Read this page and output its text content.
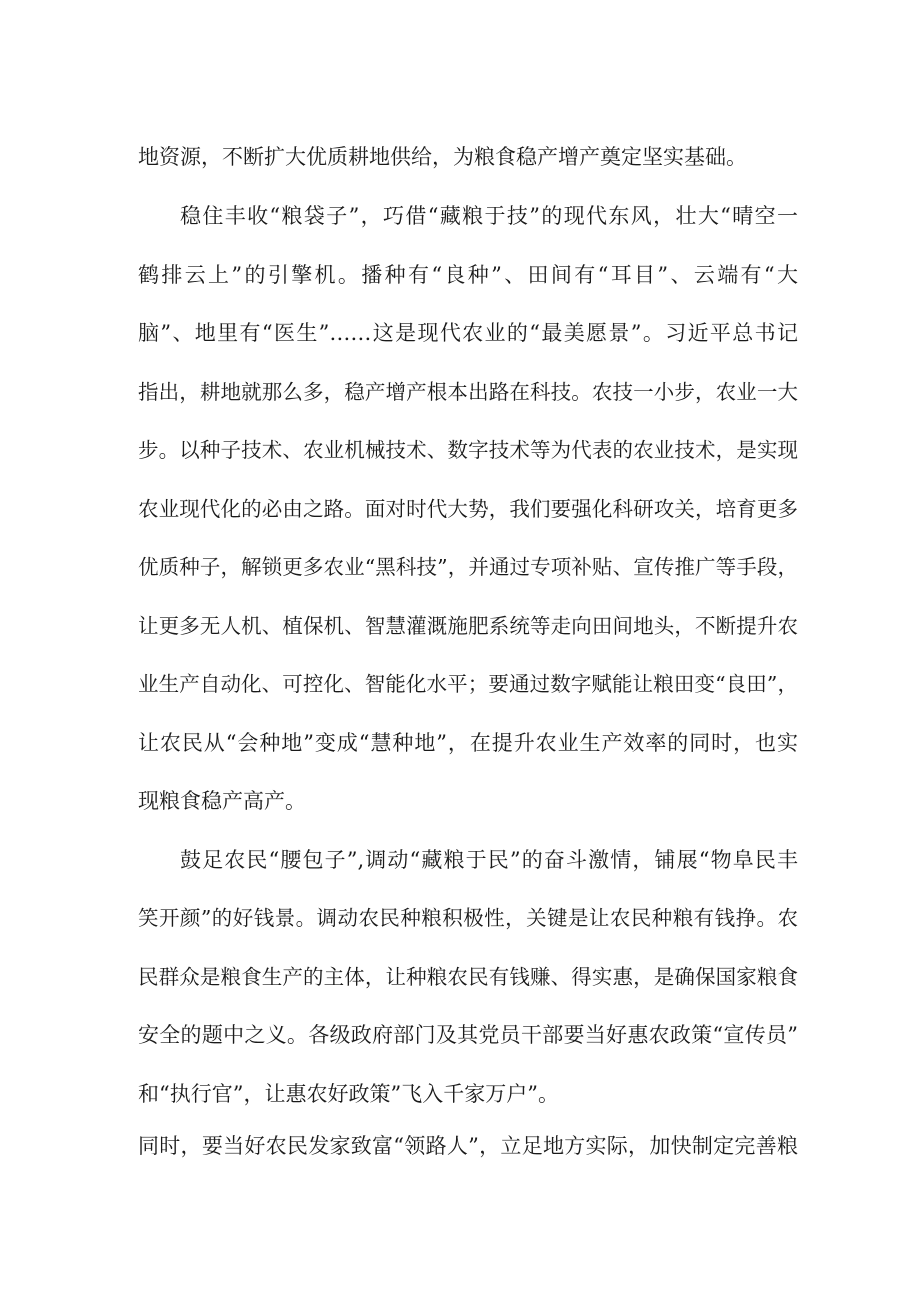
地资源，不断扩大优质耕地供给，为粮食稳产增产奠定坚实基础。
稳住丰收“粮袋子”，巧借“藏粮于技”的现代东风，壮大“晴空一
鹤排云上”的引擎机。播种有“良种”、田间有“耳目”、云端有“大
脑”、地里有“医生”……这是现代农业的“最美愿景”。习近平总书记
指出，耕地就那么多，稳产增产根本出路在科技。农技一小步，农业一大
步。以种子技术、农业机械技术、数字技术等为代表的农业技术，是实现
农业现代化的必由之路。面对时代大势，我们要强化科研攻关，培育更多
优质种子，解锁更多农业“黑科技”，并通过专项补贴、宣传推广等手段，
让更多无人机、植保机、智慧灌溉施肥系统等走向田间地头，不断提升农
业生产自动化、可控化、智能化水平；要通过数字赋能让粮田变“良田”，
让农民从“会种地”变成“慧种地”，在提升农业生产效率的同时，也实
现粮食稳产高产。
鼓足农民“腰包子”,调动“藏粮于民”的奋斗激情，铺展“物阜民丰
笑开颜”的好钱景。调动农民种粮积极性，关键是让农民种粮有钱挣。农
民群众是粮食生产的主体，让种粮农民有钱赚、得实惠，是确保国家粮食
安全的题中之义。各级政府部门及其党员干部要当好惠农政策“宣传员”
和“执行官”，让惠农好政策”飞入千家万户”。
同时，要当好农民发家致富“领路人”，立足地方实际，加快制定完善粮
